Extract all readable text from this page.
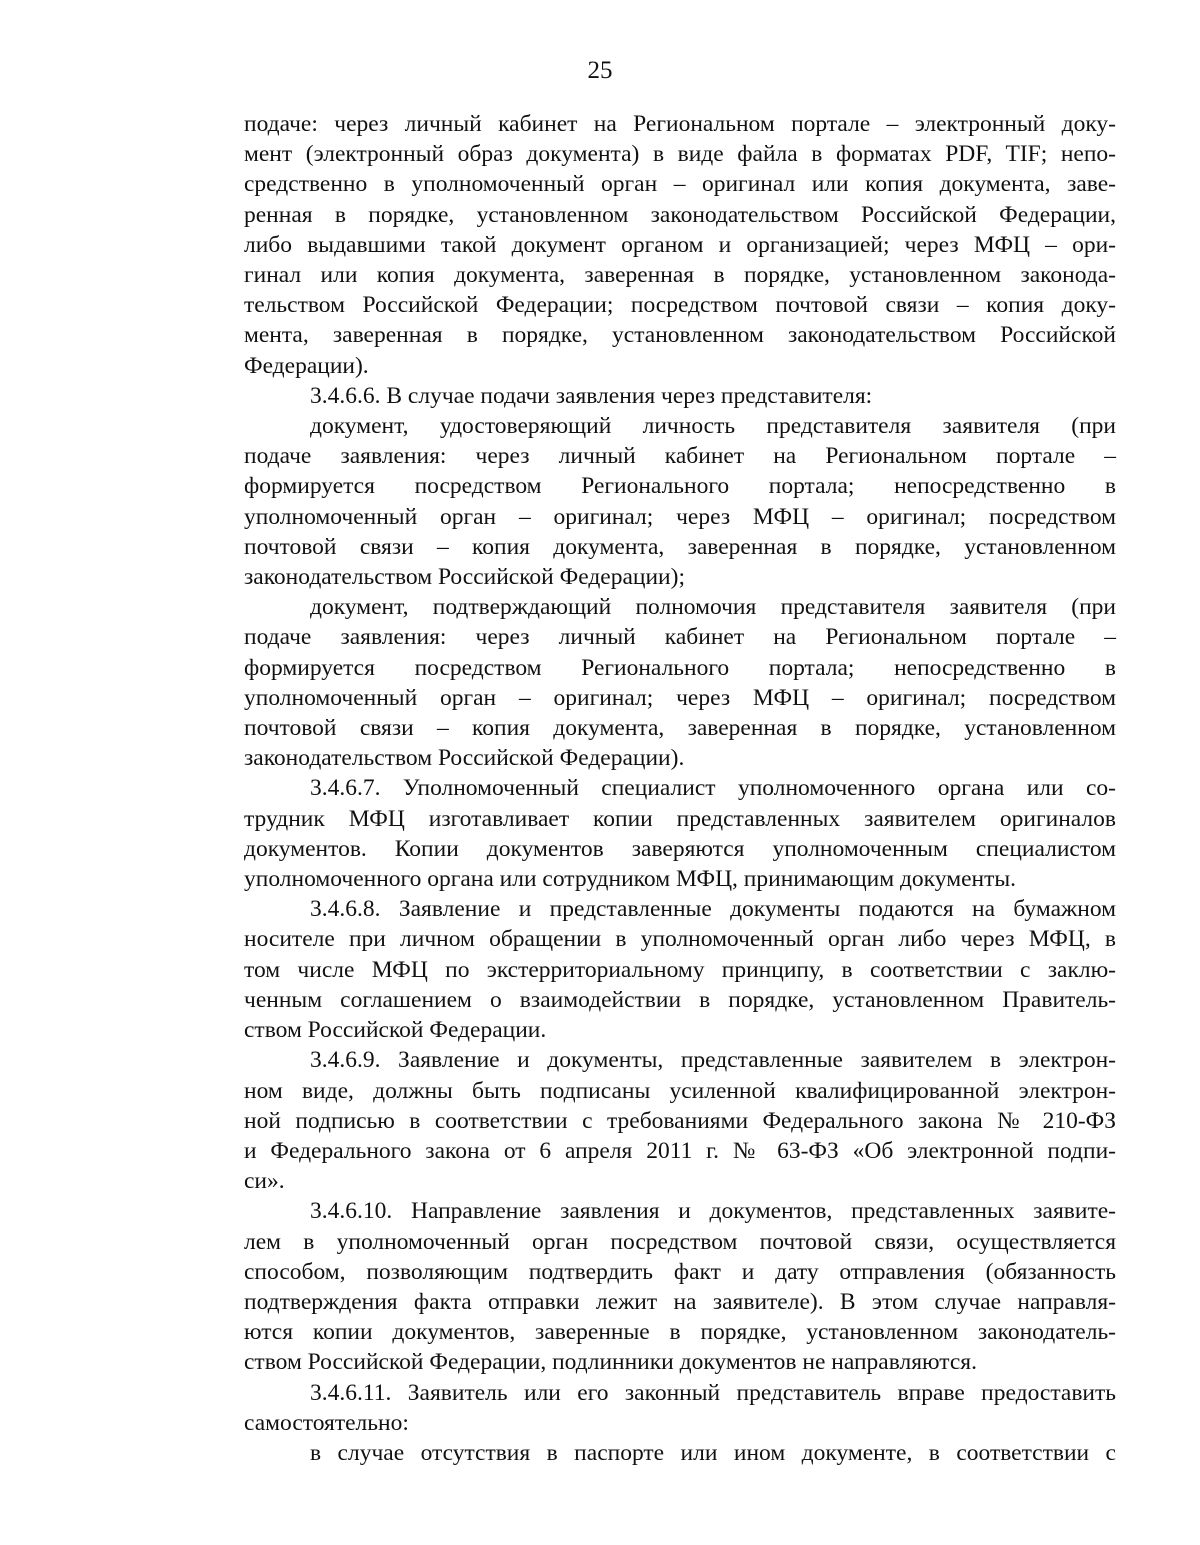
25
подаче: через личный кабинет на Региональном портале – электронный доку-
мент (электронный образ документа) в виде файла в форматах PDF, TIF; непо-
средственно в уполномоченный орган – оригинал или копия документа, заве-
ренная в порядке, установленном законодательством Российской Федерации,
либо выдавшими такой документ органом и организацией; через МФЦ – ори-
гинал или копия документа, заверенная в порядке, установленном законода-
тельством Российской Федерации; посредством почтовой связи – копия доку-
мента, заверенная в порядке, установленном законодательством Российской
Федерации).
3.4.6.6. В случае подачи заявления через представителя:
документ, удостоверяющий личность представителя заявителя (при
подаче заявления: через личный кабинет на Региональном портале –
формируется посредством Регионального портала; непосредственно в
уполномоченный орган – оригинал; через МФЦ – оригинал; посредством
почтовой связи – копия документа, заверенная в порядке, установленном
законодательством Российской Федерации);
документ, подтверждающий полномочия представителя заявителя (при
подаче заявления: через личный кабинет на Региональном портале –
формируется посредством Регионального портала; непосредственно в
уполномоченный орган – оригинал; через МФЦ – оригинал; посредством
почтовой связи – копия документа, заверенная в порядке, установленном
законодательством Российской Федерации).
3.4.6.7. Уполномоченный специалист уполномоченного органа или со-
трудник МФЦ изготавливает копии представленных заявителем оригиналов
документов. Копии документов заверяются уполномоченным специалистом
уполномоченного органа или сотрудником МФЦ, принимающим документы.
3.4.6.8. Заявление и представленные документы подаются на бумажном
носителе при личном обращении в уполномоченный орган либо через МФЦ, в
том числе МФЦ по экстерриториальному принципу, в соответствии с заклю-
ченным соглашением о взаимодействии в порядке, установленном Правитель-
ством Российской Федерации.
3.4.6.9. Заявление и документы, представленные заявителем в электрон-
ном виде, должны быть подписаны усиленной квалифицированной электрон-
ной подписью в соответствии с требованиями Федерального закона № 210-ФЗ
и Федерального закона от 6 апреля 2011 г. № 63-ФЗ «Об электронной подпи-
си».
3.4.6.10. Направление заявления и документов, представленных заявите-
лем в уполномоченный орган посредством почтовой связи, осуществляется
способом, позволяющим подтвердить факт и дату отправления (обязанность
подтверждения факта отправки лежит на заявителе). В этом случае направля-
ются копии документов, заверенные в порядке, установленном законодатель-
ством Российской Федерации, подлинники документов не направляются.
3.4.6.11. Заявитель или его законный представитель вправе предоставить
самостоятельно:
в случае отсутствия в паспорте или ином документе, в соответствии с
